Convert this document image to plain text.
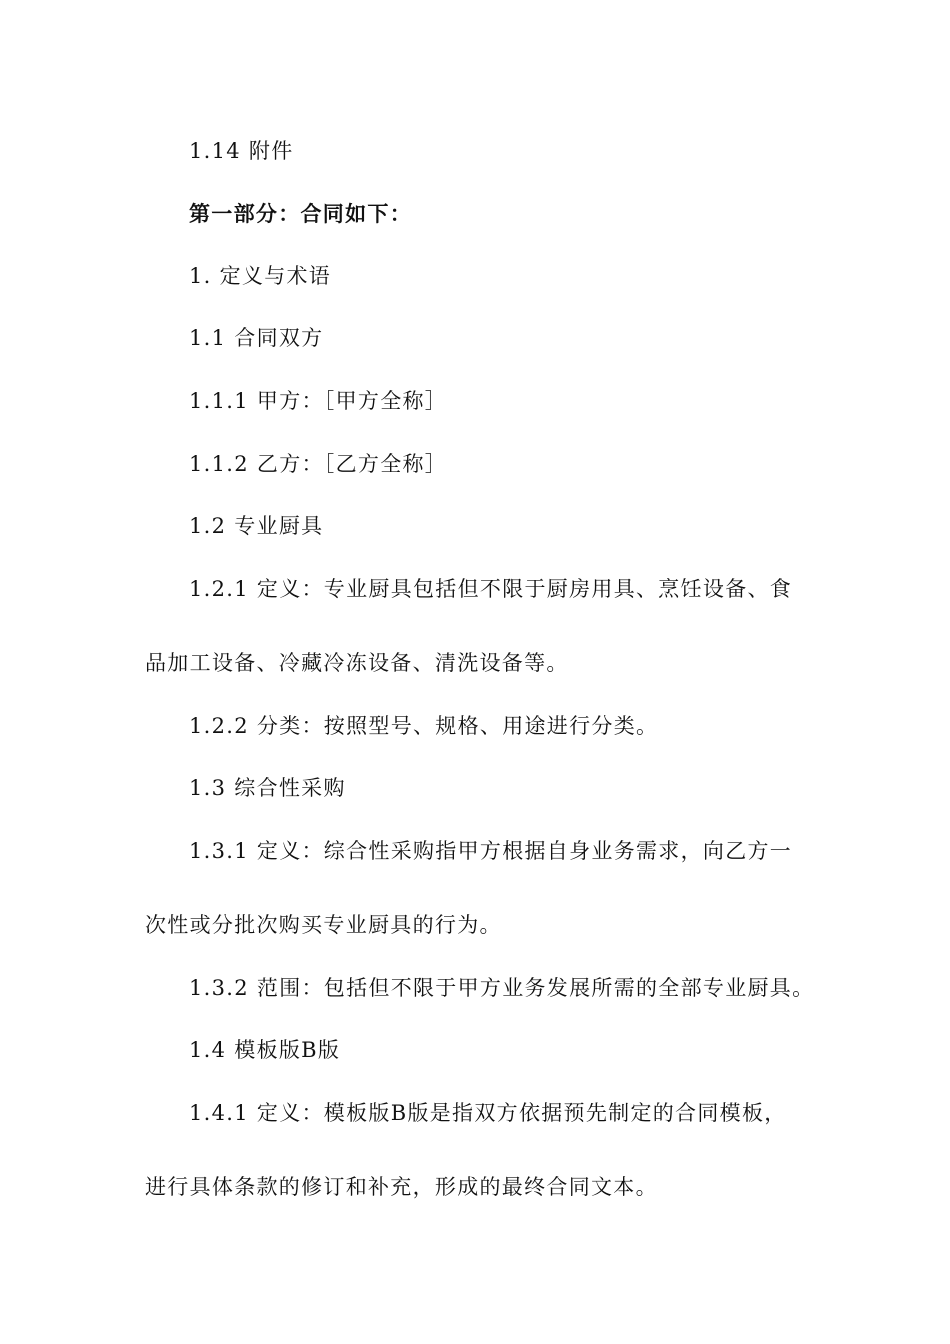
1.14 附件
第一部分：合同如下：
1. 定义与术语
1.1 合同双方
1.1.1 甲方：［甲方全称］
1.1.2 乙方：［乙方全称］
1.2 专业厨具
1.2.1 定义：专业厨具包括但不限于厨房用具、烹饪设备、食
品加工设备、冷藏冷冻设备、清洗设备等。
1.2.2 分类：按照型号、规格、用途进行分类。
1.3 综合性采购
1.3.1 定义：综合性采购指甲方根据自身业务需求，向乙方一
次性或分批次购买专业厨具的行为。
1.3.2 范围：包括但不限于甲方业务发展所需的全部专业厨具。
1.4 模板版B版
1.4.1 定义：模板版B版是指双方依据预先制定的合同模板，
进行具体条款的修订和补充，形成的最终合同文本。
